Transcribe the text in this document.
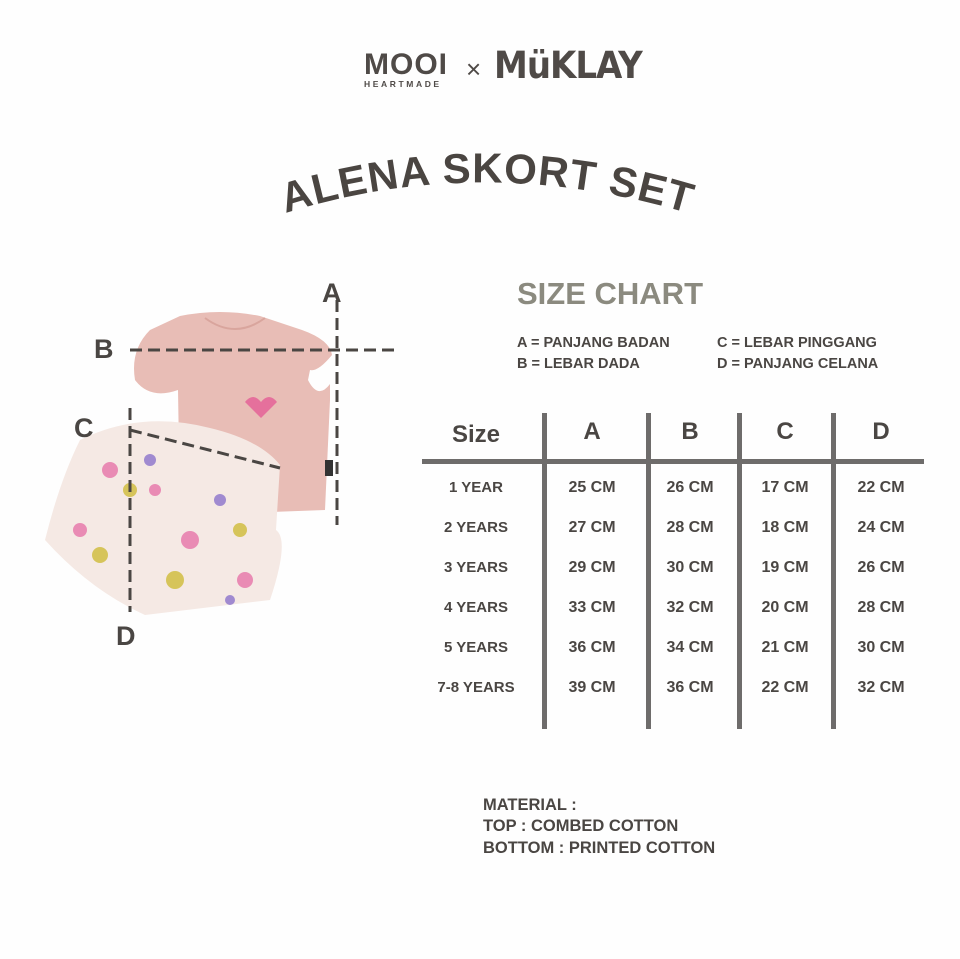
MOOI
HEARTMADE × MüKLAY
ALENA SKORT SET
A
B
C
D
SIZE CHART
A = PANJANG BADAN
B = LEBAR DADA
C = LEBAR PINGGANG
D = PANJANG CELANA
Size	A	B	C	D
1 YEAR	25 CM	26 CM	17 CM	22 CM
2 YEARS	27 CM	28 CM	18 CM	24 CM
3 YEARS	29 CM	30 CM	19 CM	26 CM
4 YEARS	33 CM	32 CM	20 CM	28 CM
5 YEARS	36 CM	34 CM	21 CM	30 CM
7-8 YEARS	39 CM	36 CM	22 CM	32 CM
MATERIAL :
TOP : COMBED COTTON
BOTTOM : PRINTED COTTON
